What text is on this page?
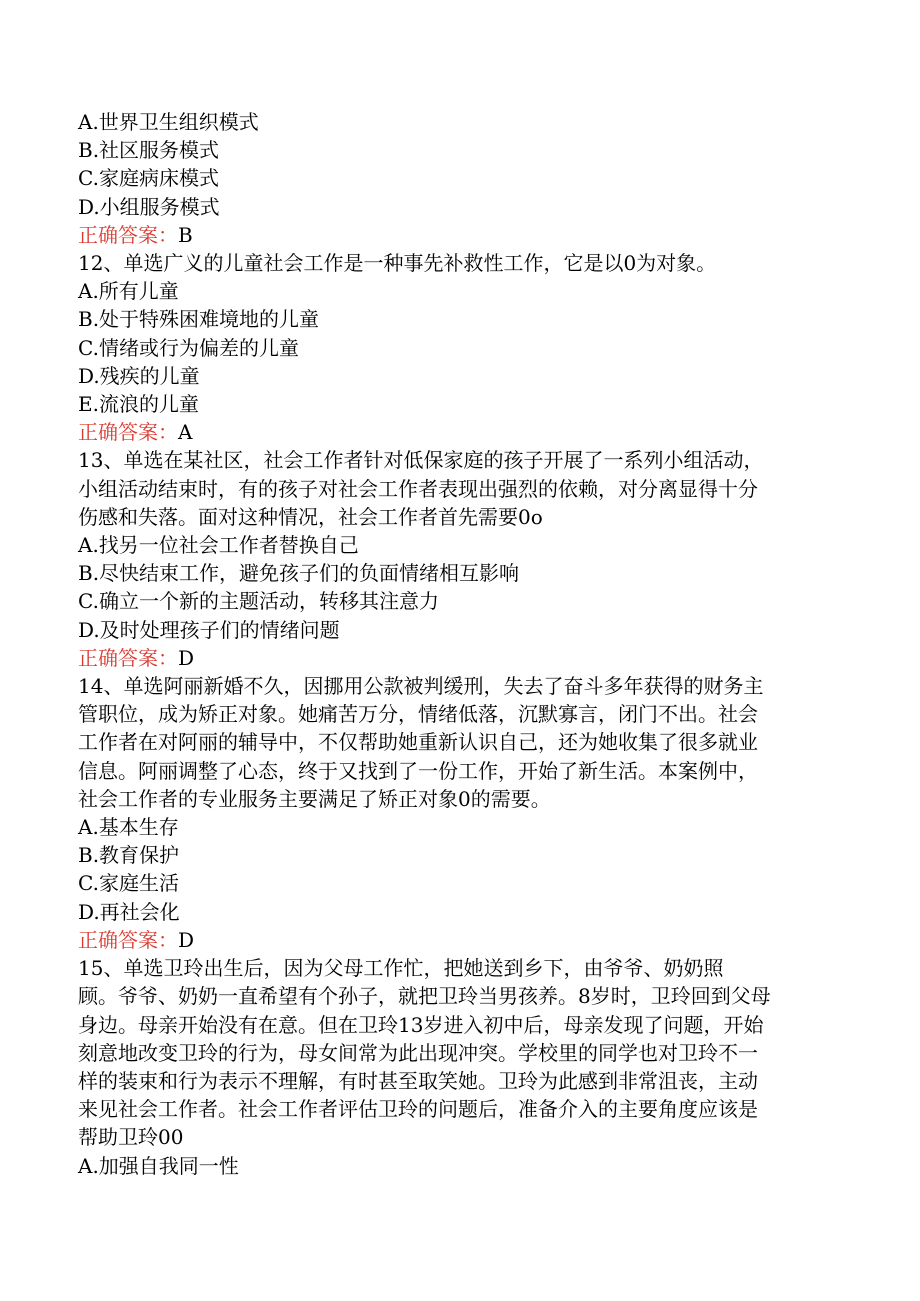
A.世界卫生组织模式

B.社区服务模式

C.家庭病床模式

D.小组服务模式

正确答案：B

12、单选广义的儿童社会工作是一种事先补救性工作，它是以0为对象。

A.所有儿童

B.处于特殊困难境地的儿童

C.情绪或行为偏差的儿童

D.残疾的儿童

E.流浪的儿童

正确答案：A

13、单选在某社区，社会工作者针对低保家庭的孩子开展了一系列小组活动，

小组活动结束时，有的孩子对社会工作者表现出强烈的依赖，对分离显得十分

伤感和失落。面对这种情况，社会工作者首先需要0o

A.找另一位社会工作者替换自己

B.尽快结束工作，避免孩子们的负面情绪相互影响

C.确立一个新的主题活动，转移其注意力

D.及时处理孩子们的情绪问题

正确答案：D

14、单选阿丽新婚不久，因挪用公款被判缓刑，失去了奋斗多年获得的财务主

管职位，成为矫正对象。她痛苦万分，情绪低落，沉默寡言，闭门不出。社会

工作者在对阿丽的辅导中，不仅帮助她重新认识自己，还为她收集了很多就业

信息。阿丽调整了心态，终于又找到了一份工作，开始了新生活。本案例中，

社会工作者的专业服务主要满足了矫正对象0的需要。

A.基本生存

B.教育保护

C.家庭生活

D.再社会化

正确答案：D

15、单选卫玲出生后，因为父母工作忙，把她送到乡下，由爷爷、奶奶照

顾。爷爷、奶奶一直希望有个孙子，就把卫玲当男孩养。8岁时，卫玲回到父母

身边。母亲开始没有在意。但在卫玲13岁进入初中后，母亲发现了问题，开始

刻意地改变卫玲的行为，母女间常为此出现冲突。学校里的同学也对卫玲不一

样的装束和行为表示不理解，有时甚至取笑她。卫玲为此感到非常沮丧，主动

来见社会工作者。社会工作者评估卫玲的问题后，准备介入的主要角度应该是

帮助卫玲00

A.加强自我同一性
